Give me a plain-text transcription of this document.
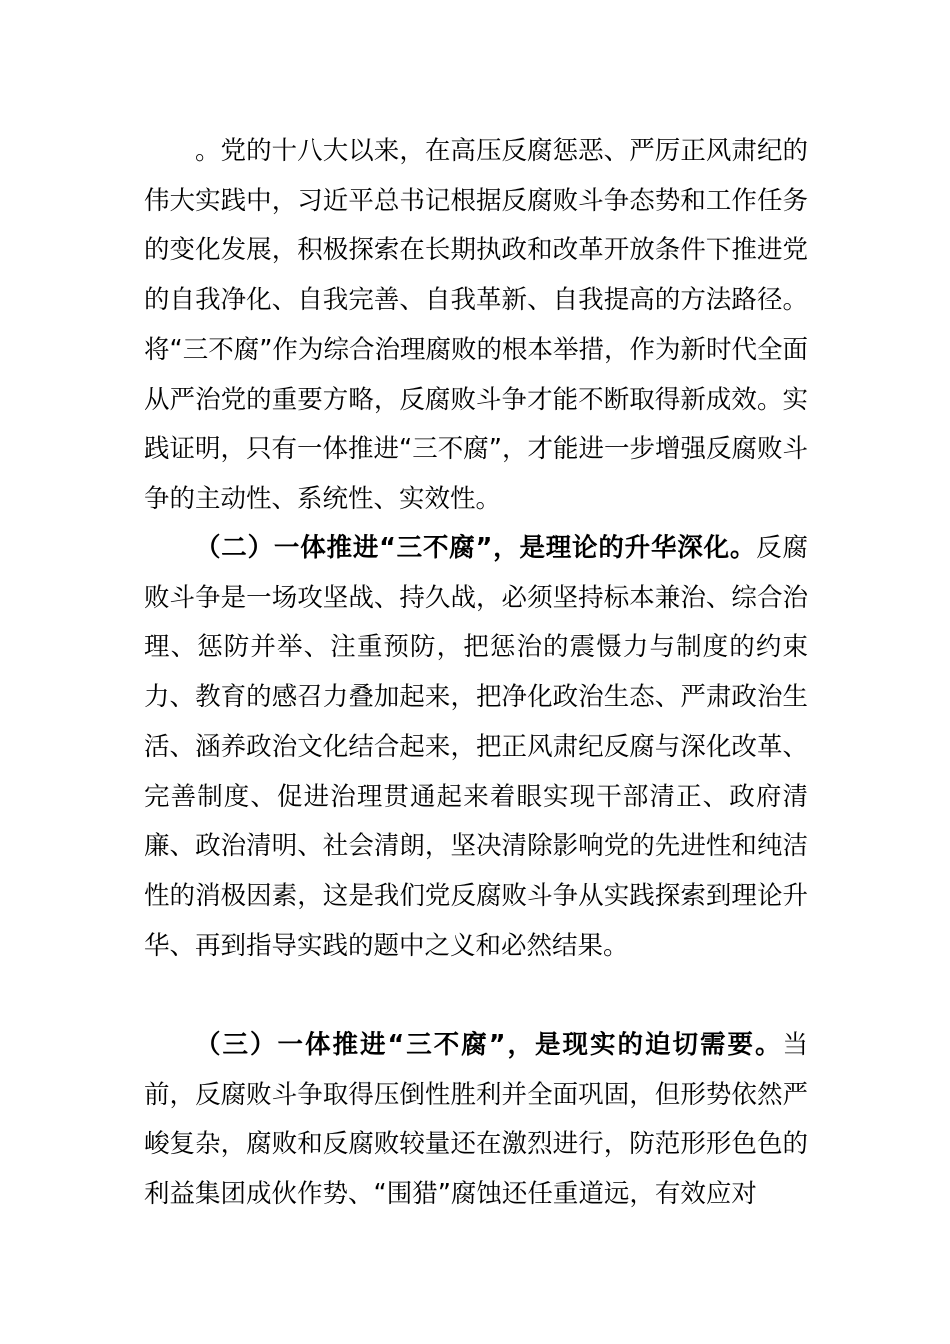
。党的十八大以来，在高压反腐惩恶、严厉正风肃纪的伟大实践中，习近平总书记根据反腐败斗争态势和工作任务的变化发展，积极探索在长期执政和改革开放条件下推进党的自我净化、自我完善、自我革新、自我提高的方法路径。将“三不腐”作为综合治理腐败的根本举措，作为新时代全面从严治党的重要方略，反腐败斗争才能不断取得新成效。实践证明，只有一体推进“三不腐”，才能进一步增强反腐败斗争的主动性、系统性、实效性。

（二）一体推进“三不腐”，是理论的升华深化。反腐败斗争是一场攻坚战、持久战，必须坚持标本兼治、综合治理、惩防并举、注重预防，把惩治的震慑力与制度的约束力、教育的感召力叠加起来，把净化政治生态、严肃政治生活、涵养政治文化结合起来，把正风肃纪反腐与深化改革、完善制度、促进治理贯通起来着眼实现干部清正、政府清廉、政治清明、社会清朗，坚决清除影响党的先进性和纯洁性的消极因素，这是我们党反腐败斗争从实践探索到理论升华、再到指导实践的题中之义和必然结果。

（三）一体推进“三不腐”，是现实的迫切需要。当前，反腐败斗争取得压倒性胜利并全面巩固，但形势依然严峻复杂，腐败和反腐败较量还在激烈进行，防范形形色色的利益集团成伙作势、“围猎”腐蚀还任重道远，有效应对
